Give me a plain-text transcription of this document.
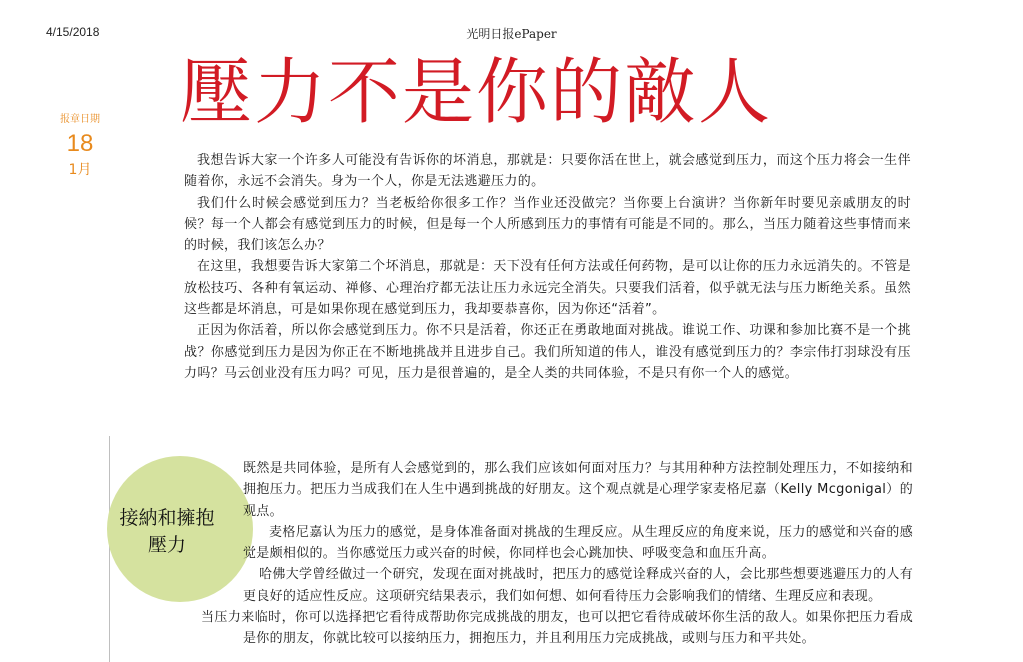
4/15/2018	光明日报ePaper
壓力不是你的敵人
报章日期
18
1月

我想告诉大家一个许多人可能没有告诉你的坏消息，那就是：只要你活在世上，就会感觉到压力，而这个压力将会一生伴随着你，永远不会消失。身为一个人，你是无法逃避压力的。

我们什么时候会感觉到压力？当老板给你很多工作？当作业还没做完？当你要上台演讲？当你新年时要见亲戚朋友的时候？每一个人都会有感觉到压力的时候，但是每一个人所感到压力的事情有可能是不同的。那么，当压力随着这些事情而来的时候，我们该怎么办？

在这里，我想要告诉大家第二个坏消息，那就是：天下没有任何方法或任何药物，是可以让你的压力永远消失的。不管是放松技巧、各种有氧运动、禅修、心理治疗都无法让压力永远完全消失。只要我们活着，似乎就无法与压力断绝关系。虽然这些都是坏消息，可是如果你现在感觉到压力，我却要恭喜你，因为你还“活着”。

正因为你活着，所以你会感觉到压力。你不只是活着，你还正在勇敢地面对挑战。谁说工作、功课和参加比赛不是一个挑战？你感觉到压力是因为你正在不断地挑战并且进步自己。我们所知道的伟人，谁没有感觉到压力的？李宗伟打羽球没有压力吗？马云创业没有压力吗？可见，压力是很普遍的，是全人类的共同体验，不是只有你一个人的感觉。

接納和擁抱
壓力

既然是共同体验，是所有人会感觉到的，那么我们应该如何面对压力？与其用种种方法控制处理压力，不如接纳和拥抱压力。把压力当成我们在人生中遇到挑战的好朋友。这个观点就是心理学家麦格尼嘉（Kelly Mcgonigal）的观点。

麦格尼嘉认为压力的感觉，是身体准备面对挑战的生理反应。从生理反应的角度来说，压力的感觉和兴奋的感觉是颇相似的。当你感觉压力或兴奋的时候，你同样也会心跳加快、呼吸变急和血压升高。

哈佛大学曾经做过一个研究，发现在面对挑战时，把压力的感觉诠释成兴奋的人，会比那些想要逃避压力的人有更良好的适应性反应。这项研究结果表示，我们如何想、如何看待压力会影响我们的情绪、生理反应和表现。

当压力来临时，你可以选择把它看待成帮助你完成挑战的朋友，也可以把它看待成破坏你生活的敌人。如果你把压力看成是你的朋友，你就比较可以接纳压力，拥抱压力，并且利用压力完成挑战，或则与压力和平共处。
